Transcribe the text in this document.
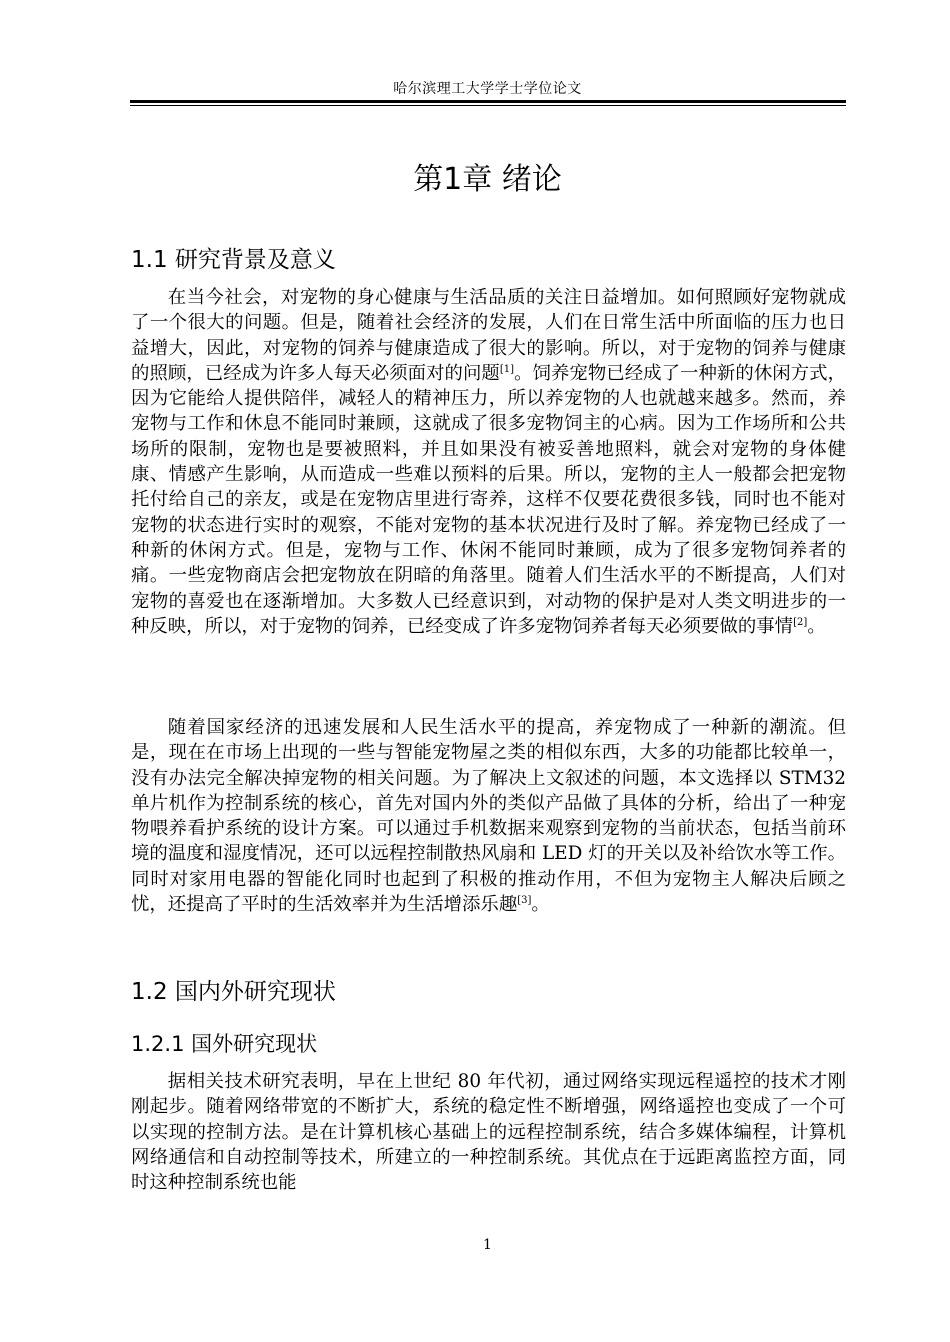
哈尔滨理工大学学士学位论文
第1章 绪论
1.1 研究背景及意义

在当今社会，对宠物的身心健康与生活品质的关注日益增加。如何照顾好宠物就成了一个很大的问题。但是，随着社会经济的发展，人们在日常生活中所面临的压力也日益增大，因此，对宠物的饲养与健康造成了很大的影响。所以，对于宠物的饲养与健康的照顾，已经成为许多人每天必须面对的问题[1]。饲养宠物已经成了一种新的休闲方式，因为它能给人提供陪伴，减轻人的精神压力，所以养宠物的人也就越来越多。然而，养宠物与工作和休息不能同时兼顾，这就成了很多宠物饲主的心病。因为工作场所和公共场所的限制，宠物也是要被照料，并且如果没有被妥善地照料，就会对宠物的身体健康、情感产生影响，从而造成一些难以预料的后果。所以，宠物的主人一般都会把宠物托付给自己的亲友，或是在宠物店里进行寄养，这样不仅要花费很多钱，同时也不能对宠物的状态进行实时的观察，不能对宠物的基本状况进行及时了解。养宠物已经成了一种新的休闲方式。但是，宠物与工作、休闲不能同时兼顾，成为了很多宠物饲养者的痛。一些宠物商店会把宠物放在阴暗的角落里。随着人们生活水平的不断提高，人们对宠物的喜爱也在逐渐增加。大多数人已经意识到，对动物的保护是对人类文明进步的一种反映，所以，对于宠物的饲养，已经变成了许多宠物饲养者每天必须要做的事情[2]。

随着国家经济的迅速发展和人民生活水平的提高，养宠物成了一种新的潮流。但是，现在在市场上出现的一些与智能宠物屋之类的相似东西，大多的功能都比较单一，没有办法完全解决掉宠物的相关问题。为了解决上文叙述的问题，本文选择以 STM32 单片机作为控制系统的核心，首先对国内外的类似产品做了具体的分析，给出了一种宠物喂养看护系统的设计方案。可以通过手机数据来观察到宠物的当前状态，包括当前环境的温度和湿度情况，还可以远程控制散热风扇和 LED 灯的开关以及补给饮水等工作。同时对家用电器的智能化同时也起到了积极的推动作用，不但为宠物主人解决后顾之忧，还提高了平时的生活效率并为生活增添乐趣[3]。

1.2 国内外研究现状
1.2.1 国外研究现状

据相关技术研究表明，早在上世纪 80 年代初，通过网络实现远程遥控的技术才刚刚起步。随着网络带宽的不断扩大，系统的稳定性不断增强，网络遥控也变成了一个可以实现的控制方法。是在计算机核心基础上的远程控制系统，结合多媒体编程，计算机网络通信和自动控制等技术，所建立的一种控制系统。其优点在于远距离监控方面，同时这种控制系统也能

1
